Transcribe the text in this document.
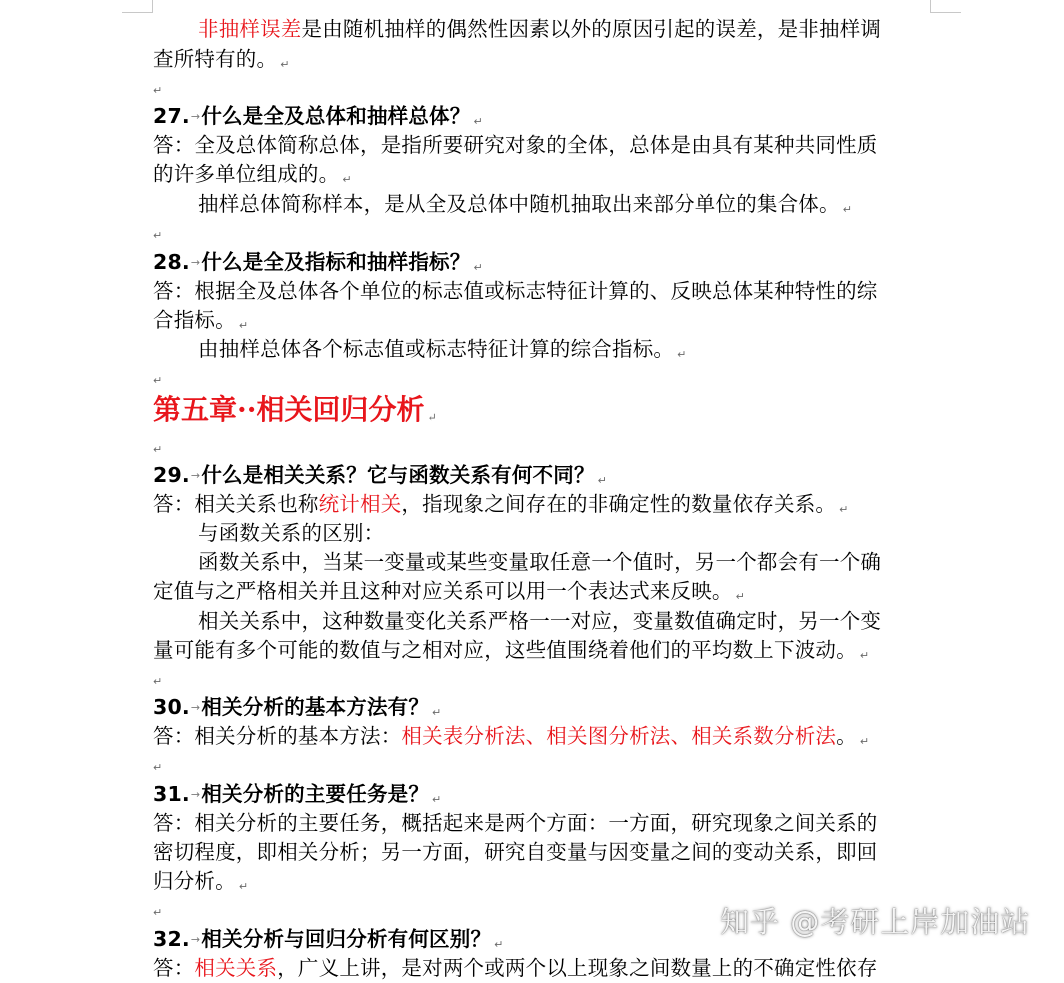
非抽样误差是由随机抽样的偶然性因素以外的原因引起的误差，是非抽样调
查所特有的。 ↵
↵
27.→什么是全及总体和抽样总体？ ↵
答：全及总体简称总体，是指所要研究对象的全体，总体是由具有某种共同性质
的许多单位组成的。 ↵
抽样总体简称样本，是从全及总体中随机抽取出来部分单位的集合体。 ↵
↵
28.→什么是全及指标和抽样指标？ ↵
答：根据全及总体各个单位的标志值或标志特征计算的、反映总体某种特性的综
合指标。 ↵
由抽样总体各个标志值或标志特征计算的综合指标。 ↵
↵
第五章··相关回归分析 ↵
↵
29.→什么是相关关系？它与函数关系有何不同？ ↵
答：相关关系也称统计相关，指现象之间存在的非确定性的数量依存关系。 ↵
与函数关系的区别：
函数关系中，当某一变量或某些变量取任意一个值时，另一个都会有一个确
定值与之严格相关并且这种对应关系可以用一个表达式来反映。 ↵
相关关系中，这种数量变化关系严格一一对应，变量数值确定时，另一个变
量可能有多个可能的数值与之相对应，这些值围绕着他们的平均数上下波动。 ↵
↵
30.→相关分析的基本方法有？ ↵
答：相关分析的基本方法：相关表分析法、相关图分析法、相关系数分析法。 ↵
↵
31.→相关分析的主要任务是？ ↵
答：相关分析的主要任务，概括起来是两个方面：一方面，研究现象之间关系的
密切程度，即相关分析；另一方面，研究自变量与因变量之间的变动关系，即回
归分析。 ↵
↵
32.→相关分析与回归分析有何区别？ ↵
答：相关关系，广义上讲，是对两个或两个以上现象之间数量上的不确定性依存
知乎 @考研上岸加油站
